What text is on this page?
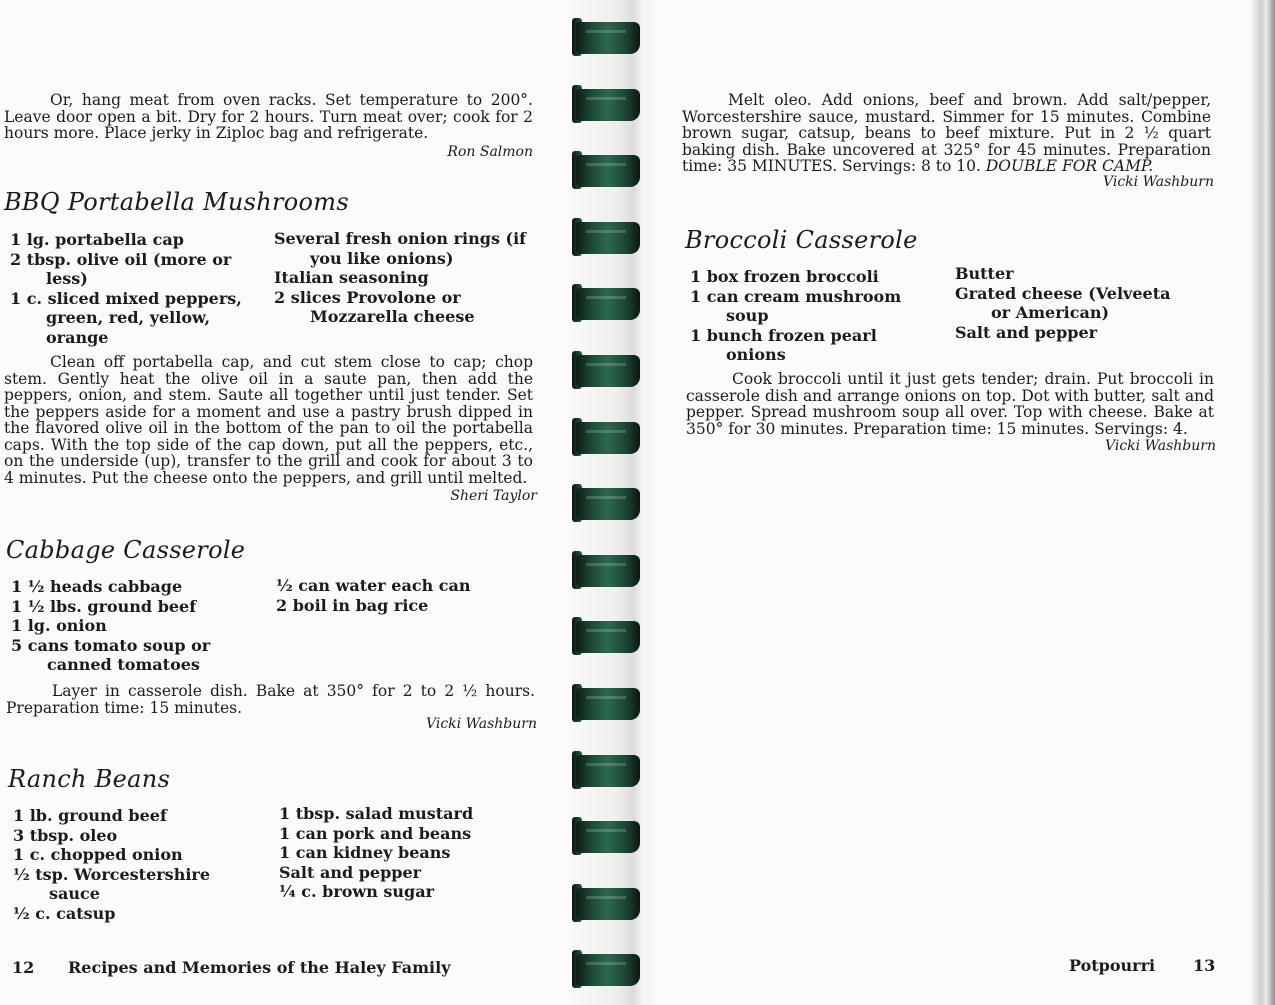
Or, hang meat from oven racks. Set temperature to 200°. Leave door open a bit. Dry for 2 hours. Turn meat over; cook for 2 hours more. Place jerky in Ziploc bag and refrigerate.

Ron Salmon

BBQ Portabella Mushrooms
1 lg. portabella cap
2 tbsp. olive oil (more or less)
1 c. sliced mixed peppers, green, red, yellow, orange
Several fresh onion rings (if you like onions)
Italian seasoning
2 slices Provolone or Mozzarella cheese

Clean off portabella cap, and cut stem close to cap; chop stem. Gently heat the olive oil in a saute pan, then add the peppers, onion, and stem. Saute all together until just tender. Set the peppers aside for a moment and use a pastry brush dipped in the flavored olive oil in the bottom of the pan to oil the portabella caps. With the top side of the cap down, put all the peppers, etc., on the underside (up), transfer to the grill and cook for about 3 to 4 minutes. Put the cheese onto the peppers, and grill until melted.

Sheri Taylor

Cabbage Casserole
1 ½ heads cabbage
1 ½ lbs. ground beef
1 lg. onion
5 cans tomato soup or canned tomatoes
½ can water each can
2 boil in bag rice

Layer in casserole dish. Bake at 350° for 2 to 2 ½ hours. Preparation time: 15 minutes.

Vicki Washburn

Ranch Beans
1 lb. ground beef
3 tbsp. oleo
1 c. chopped onion
½ tsp. Worcestershire sauce
½ c. catsup
1 tbsp. salad mustard
1 can pork and beans
1 can kidney beans
Salt and pepper
¼ c. brown sugar

12 Recipes and Memories of the Haley Family

Melt oleo. Add onions, beef and brown. Add salt/pepper, Worcestershire sauce, mustard. Simmer for 15 minutes. Combine brown sugar, catsup, beans to beef mixture. Put in 2 ½ quart baking dish. Bake uncovered at 325° for 45 minutes. Preparation time: 35 MINUTES. Servings: 8 to 10. DOUBLE FOR CAMP.

Vicki Washburn

Broccoli Casserole
1 box frozen broccoli
1 can cream mushroom soup
1 bunch frozen pearl onions
Butter
Grated cheese (Velveeta or American)
Salt and pepper

Cook broccoli until it just gets tender; drain. Put broccoli in casserole dish and arrange onions on top. Dot with butter, salt and pepper. Spread mushroom soup all over. Top with cheese. Bake at 350° for 30 minutes. Preparation time: 15 minutes. Servings: 4.

Vicki Washburn

Potpourri 13
